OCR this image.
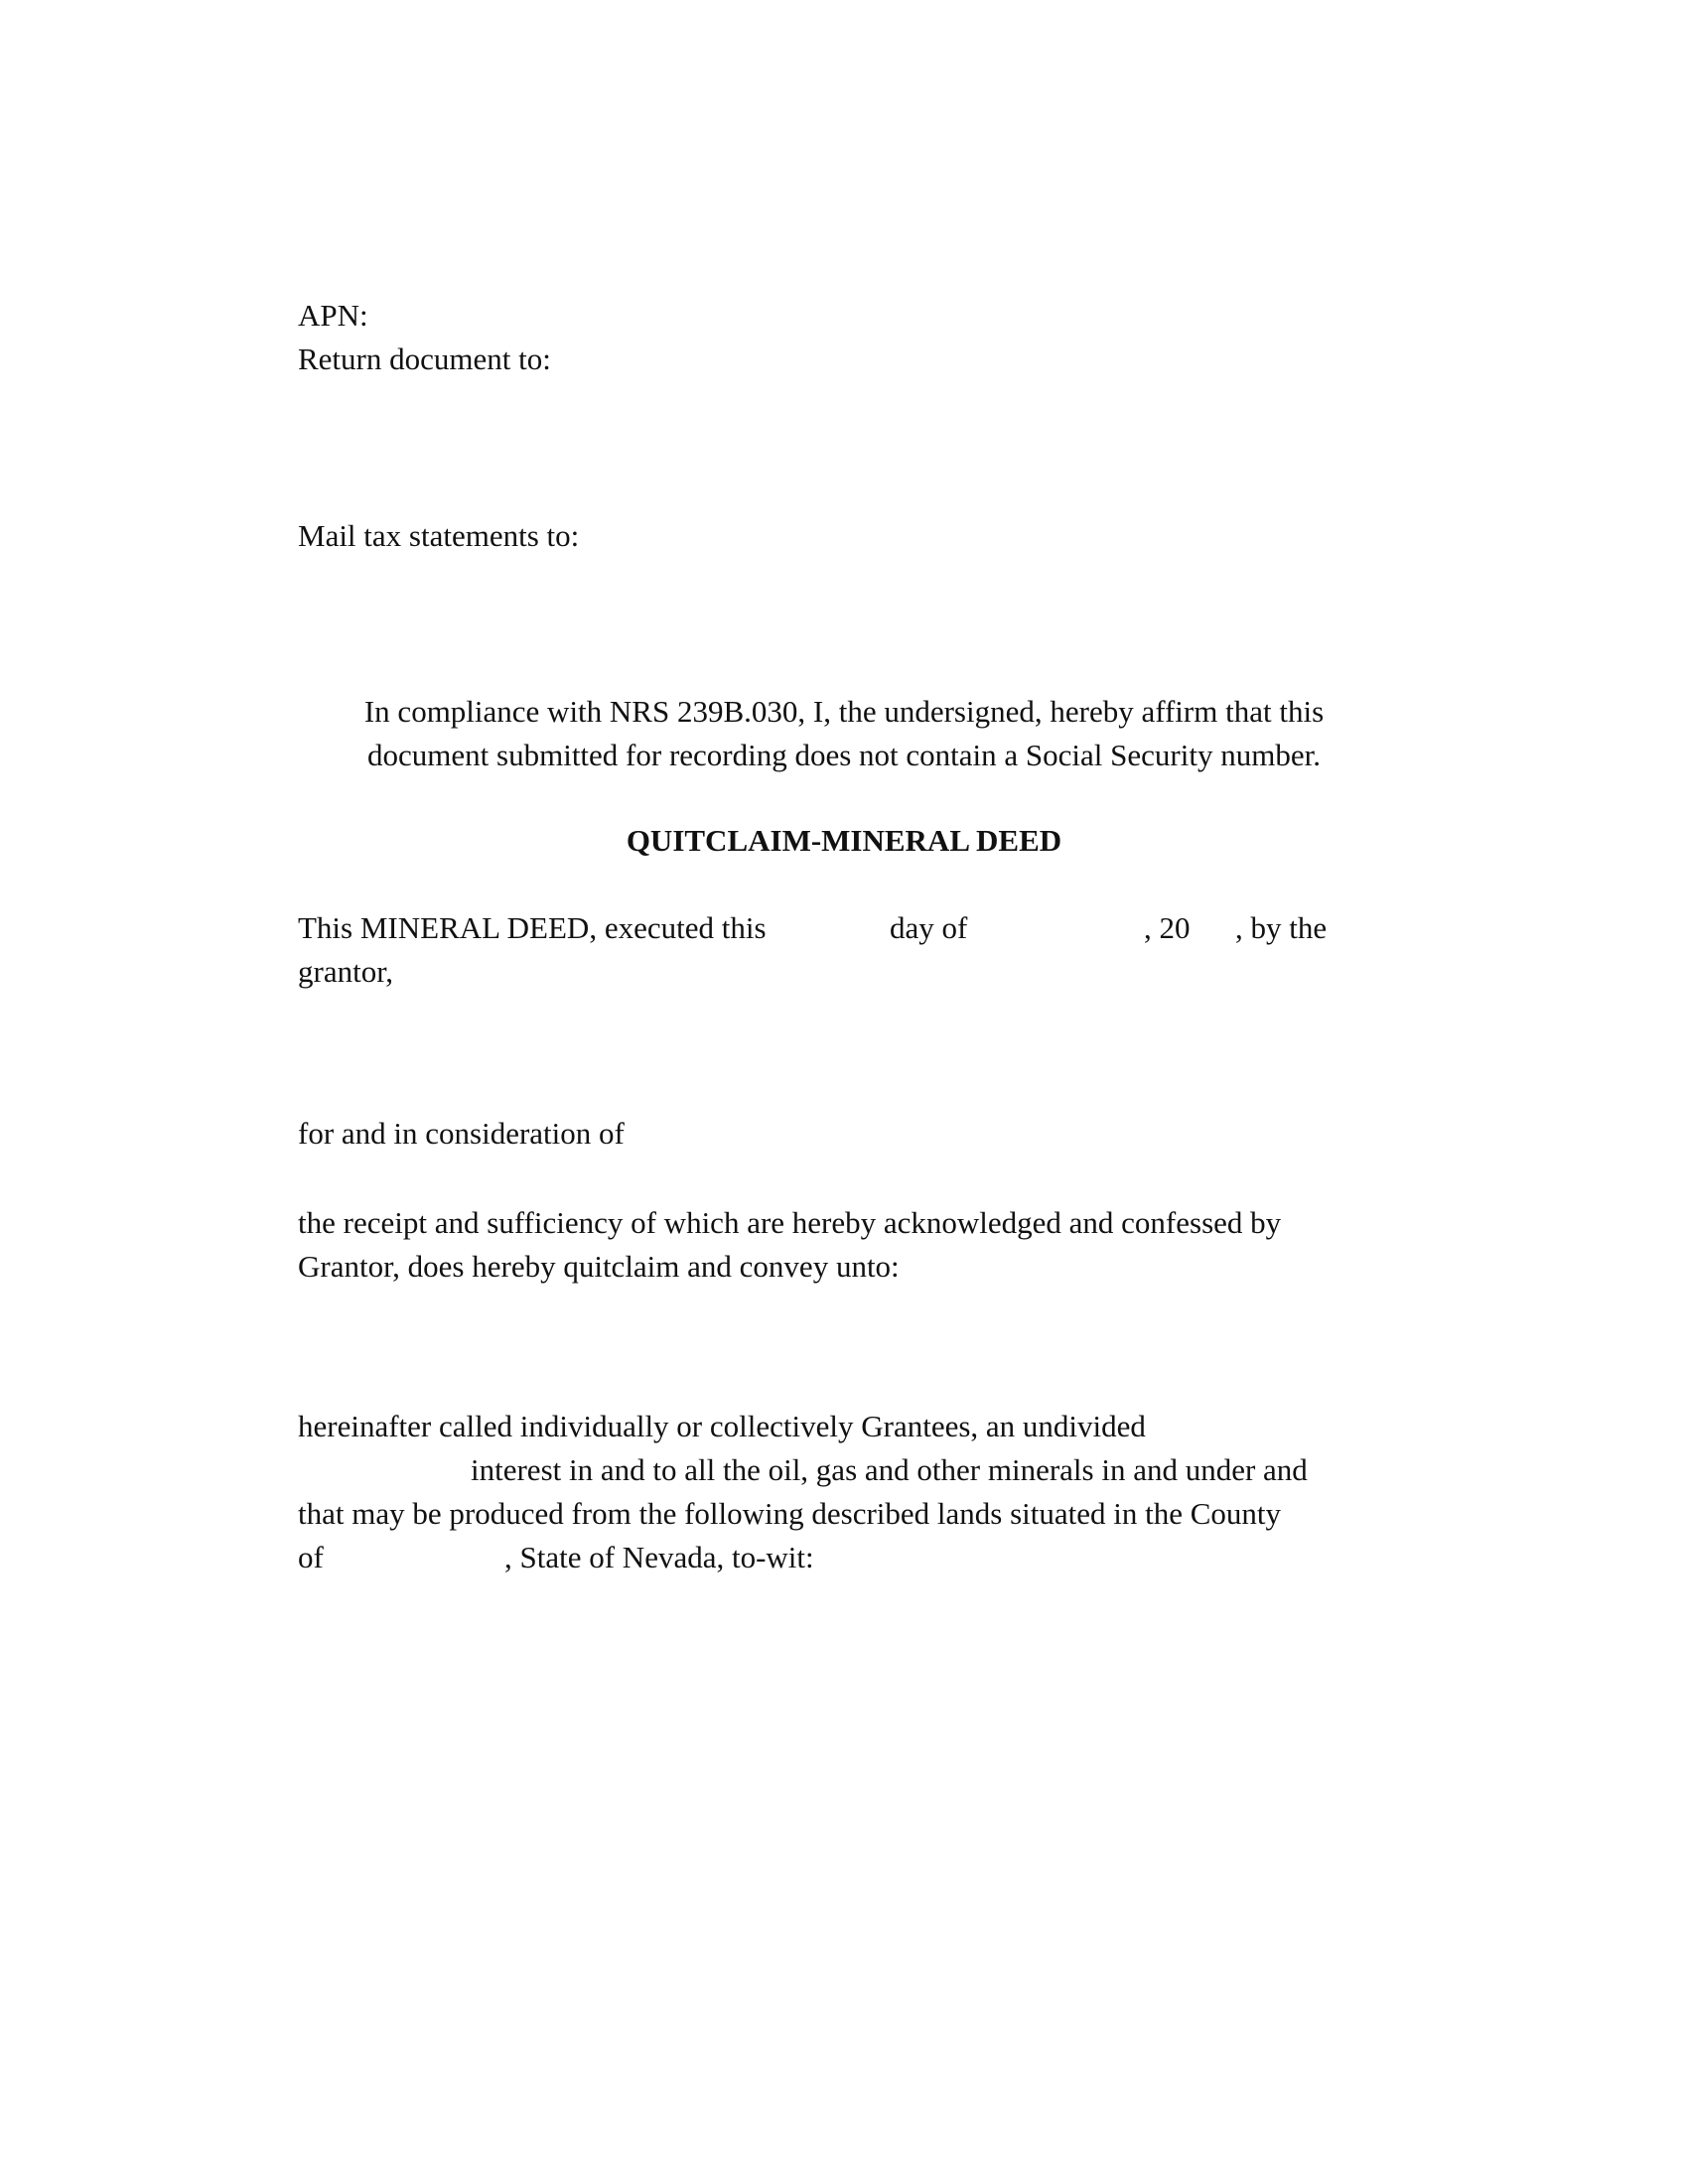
APN:
Return document to:
Mail tax statements to:
In compliance with NRS 239B.030, I, the undersigned, hereby affirm that this
document submitted for recording does not contain a Social Security number.
QUITCLAIM-MINERAL DEED
This MINERAL DEED, executed this	day of	, 20 , by the
grantor,
for and in consideration of
the receipt and sufficiency of which are hereby acknowledged and confessed by
Grantor, does hereby quitclaim and convey unto:
hereinafter called individually or collectively Grantees, an undivided
interest in and to all the oil, gas and other minerals in and under and
that may be produced from the following described lands situated in the County
of	, State of Nevada, to-wit:
